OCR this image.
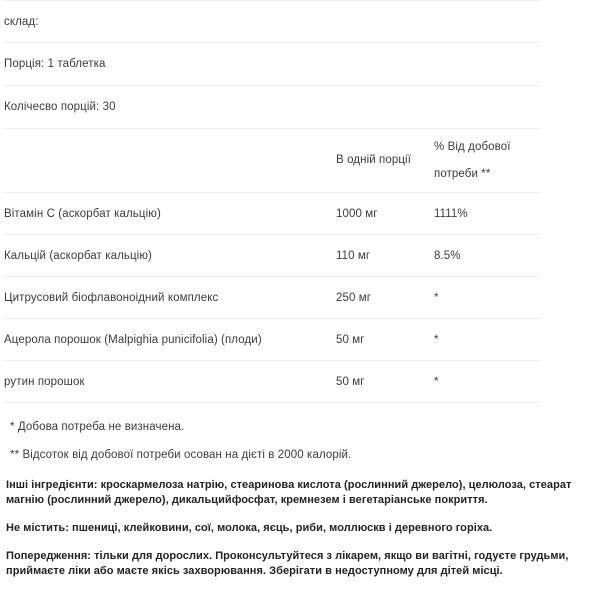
склад:		
Порція: 1 таблетка		
Колічесво порцій: 30		

	В одній порції	% Від добової
потреби **

Вітамін С (аскорбат кальцію)	1000 мг	1111%
Кальцій (аскорбат кальцію)	110 мг	8.5%
Цитрусовий біофлавоноідний комплекс	250 мг	*
Ацерола порошок (Malpighia punicifolia) (плоди)	50 мг	*
рутин порошок	50 мг	*

* Добова потреба не визначена.

** Відсоток від добової потреби осован на дієті в 2000 калорій.

Інші інгредієнти: кроскармелоза натрію, стеаринова кислота (рослинний джерело), целюлоза, стеарат магнію (рослинний джерело), дикальцийфосфат, кремнезем і вегетаріанське покриття.

Не містить: пшениці, клейковини, сої, молока, яєць, риби, моллюскв і деревного горіха.

Попередження: тільки для дорослих. Проконсультуйтеся з лікарем, якщо ви вагітні, годуєте грудьми, приймаєте ліки або маєте якісь захворювання. Зберігати в недоступному для дітей місці.
